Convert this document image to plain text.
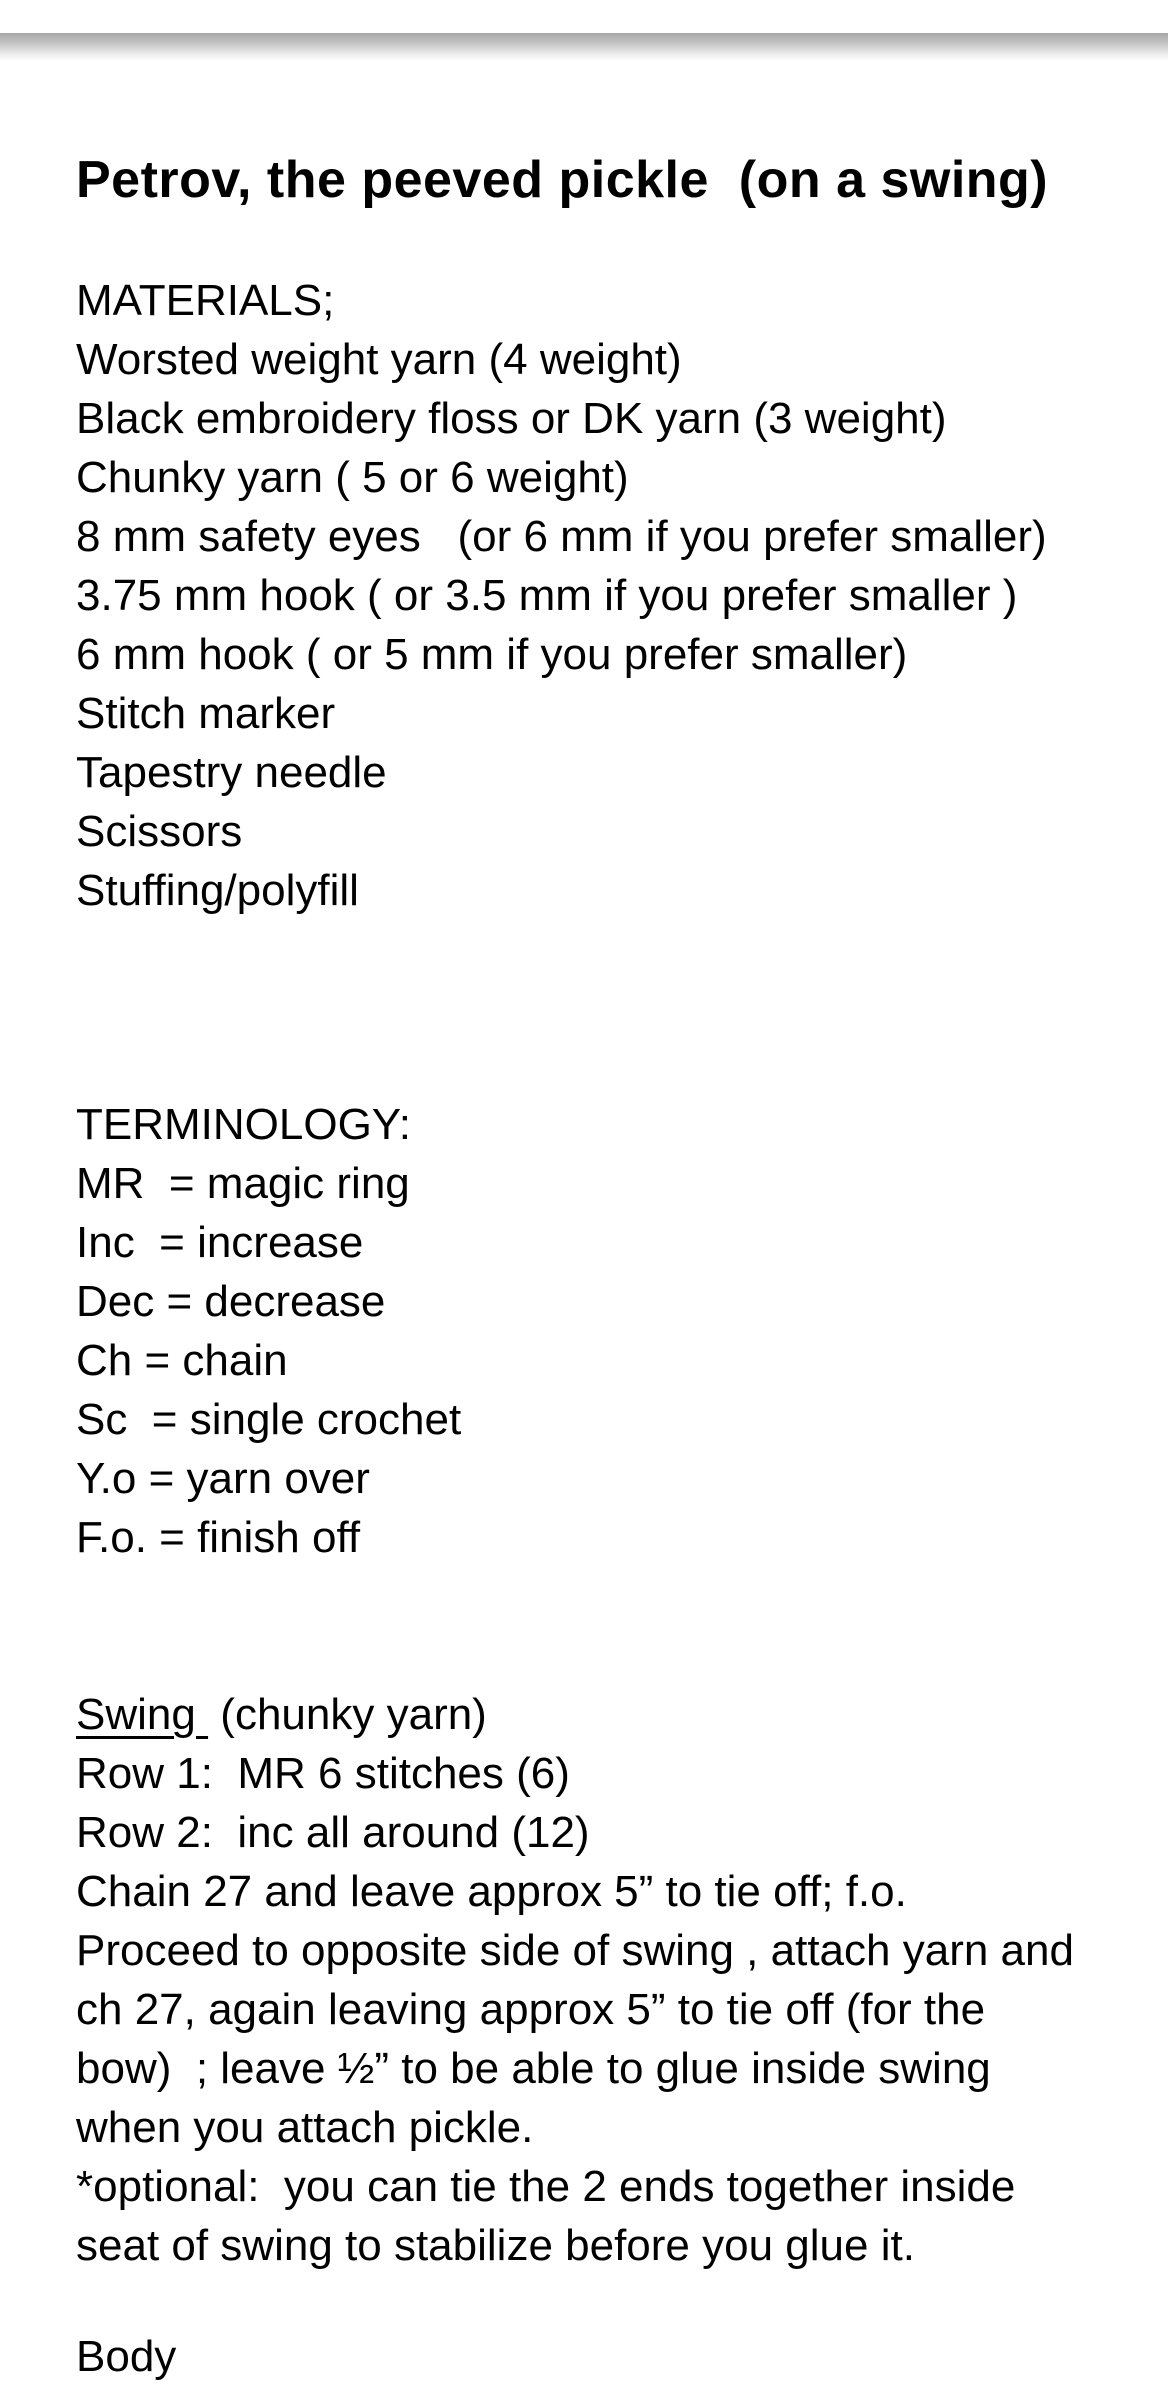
Petrov, the peeved pickle  (on a swing)
MATERIALS;
Worsted weight yarn (4 weight)
Black embroidery floss or DK yarn (3 weight)
Chunky yarn ( 5 or 6 weight)
8 mm safety eyes   (or 6 mm if you prefer smaller)
3.75 mm hook ( or 3.5 mm if you prefer smaller )
6 mm hook ( or 5 mm if you prefer smaller)
Stitch marker
Tapestry needle
Scissors
Stuffing/polyfill
TERMINOLOGY:
MR  = magic ring
Inc  = increase
Dec = decrease
Ch = chain
Sc  = single crochet
Y.o = yarn over
F.o. = finish off
Swing  (chunky yarn)
Row 1:  MR 6 stitches (6)
Row 2:  inc all around (12)
Chain 27 and leave approx 5” to tie off; f.o.
Proceed to opposite side of swing , attach yarn and
ch 27, again leaving approx 5” to tie off (for the
bow)  ; leave ½” to be able to glue inside swing
when you attach pickle.
*optional:  you can tie the 2 ends together inside
seat of swing to stabilize before you glue it.
Body
